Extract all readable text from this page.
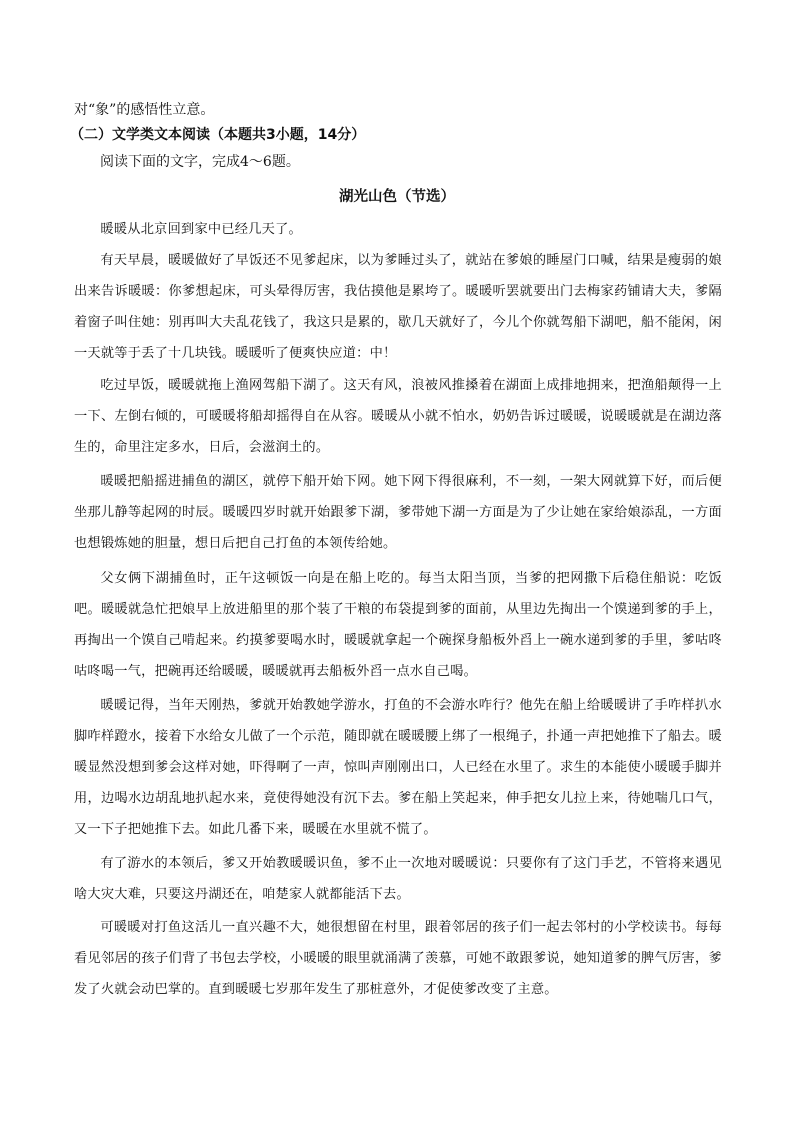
对“象”的感悟性立意。
（二）文学类文本阅读（本题共3小题，14分）
阅读下面的文字，完成4～6题。
湖光山色（节选）
暖暖从北京回到家中已经几天了。
有天早晨，暖暖做好了早饭还不见爹起床，以为爹睡过头了，就站在爹娘的睡屋门口喊，结果是瘦弱的娘出来告诉暖暖：你爹想起床，可头晕得厉害，我估摸他是累垮了。暖暖听罢就要出门去梅家药铺请大夫，爹隔着窗子叫住她：别再叫大夫乱花钱了，我这只是累的，歇几天就好了，今儿个你就驾船下湖吧，船不能闲，闲一天就等于丢了十几块钱。暖暖听了便爽快应道：中！
吃过早饭，暖暖就拖上渔网驾船下湖了。这天有风，浪被风推搡着在湖面上成排地拥来，把渔船颠得一上一下、左倒右倾的，可暖暖将船却摇得自在从容。暖暖从小就不怕水，奶奶告诉过暖暖，说暖暖就是在湖边落生的，命里注定多水，日后，会滋润土的。
暖暖把船摇进捕鱼的湖区，就停下船开始下网。她下网下得很麻利，不一刻，一架大网就算下好，而后便坐那儿静等起网的时辰。暖暖四岁时就开始跟爹下湖，爹带她下湖一方面是为了少让她在家给娘添乱，一方面也想锻炼她的胆量，想日后把自己打鱼的本领传给她。
父女俩下湖捕鱼时，正午这顿饭一向是在船上吃的。每当太阳当顶，当爹的把网撒下后稳住船说：吃饭吧。暖暖就急忙把娘早上放进船里的那个装了干粮的布袋提到爹的面前，从里边先掏出一个馍递到爹的手上，再掏出一个馍自己啃起来。约摸爹要喝水时，暖暖就拿起一个碗探身船板外舀上一碗水递到爹的手里，爹咕咚咕咚喝一气，把碗再还给暖暖，暖暖就再去船板外舀一点水自己喝。
暖暖记得，当年天刚热，爹就开始教她学游水，打鱼的不会游水咋行？他先在船上给暖暖讲了手咋样扒水脚咋样蹬水，接着下水给女儿做了一个示范，随即就在暖暖腰上绑了一根绳子，扑通一声把她推下了船去。暖暖显然没想到爹会这样对她，吓得啊了一声，惊叫声刚刚出口，人已经在水里了。求生的本能使小暖暖手脚并用，边喝水边胡乱地扒起水来，竟使得她没有沉下去。爹在船上笑起来，伸手把女儿拉上来，待她喘几口气，又一下子把她推下去。如此几番下来，暖暖在水里就不慌了。
有了游水的本领后，爹又开始教暖暖识鱼，爹不止一次地对暖暖说：只要你有了这门手艺，不管将来遇见啥大灾大难，只要这丹湖还在，咱楚家人就都能活下去。
可暖暖对打鱼这活儿一直兴趣不大，她很想留在村里，跟着邻居的孩子们一起去邻村的小学校读书。每每看见邻居的孩子们背了书包去学校，小暖暖的眼里就涌满了羡慕，可她不敢跟爹说，她知道爹的脾气厉害，爹发了火就会动巴掌的。直到暖暖七岁那年发生了那桩意外，才促使爹改变了主意。
